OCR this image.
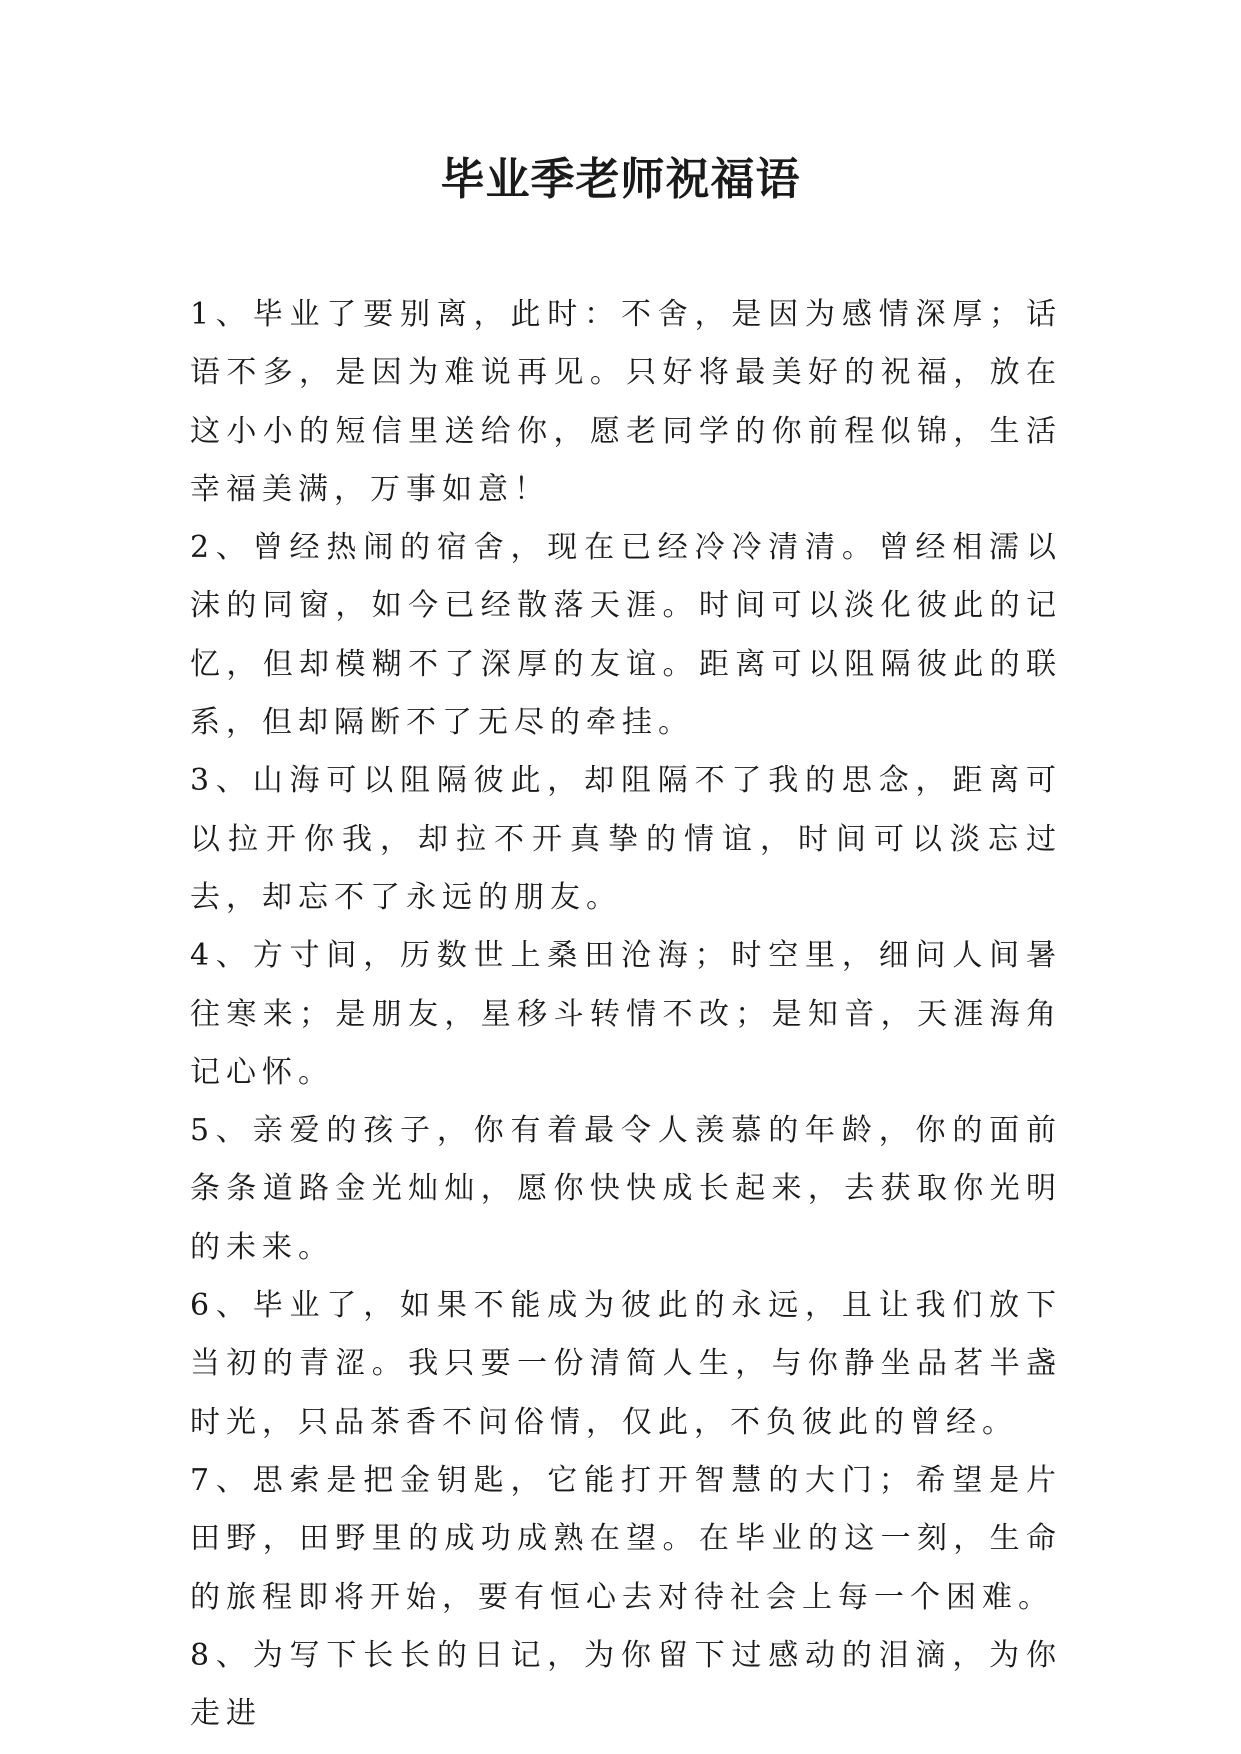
毕业季老师祝福语

1、毕业了要别离，此时：不舍，是因为感情深厚；话语不多，是因为难说再见。只好将最美好的祝福，放在这小小的短信里送给你，愿老同学的你前程似锦，生活幸福美满，万事如意！

2、曾经热闹的宿舍，现在已经冷冷清清。曾经相濡以沫的同窗，如今已经散落天涯。时间可以淡化彼此的记忆，但却模糊不了深厚的友谊。距离可以阻隔彼此的联系，但却隔断不了无尽的牵挂。

3、山海可以阻隔彼此，却阻隔不了我的思念，距离可以拉开你我，却拉不开真挚的情谊，时间可以淡忘过去，却忘不了永远的朋友。

4、方寸间，历数世上桑田沧海；时空里，细问人间暑往寒来；是朋友，星移斗转情不改；是知音，天涯海角记心怀。

5、亲爱的孩子，你有着最令人羡慕的年龄，你的面前条条道路金光灿灿，愿你快快成长起来，去获取你光明的未来。

6、毕业了，如果不能成为彼此的永远，且让我们放下当初的青涩。我只要一份清简人生，与你静坐品茗半盏时光，只品茶香不问俗情，仅此，不负彼此的曾经。

7、思索是把金钥匙，它能打开智慧的大门；希望是片田野，田野里的成功成熟在望。在毕业的这一刻，生命的旅程即将开始，要有恒心去对待社会上每一个困难。

8、为写下长长的日记，为你留下过感动的泪滴，为你走进
